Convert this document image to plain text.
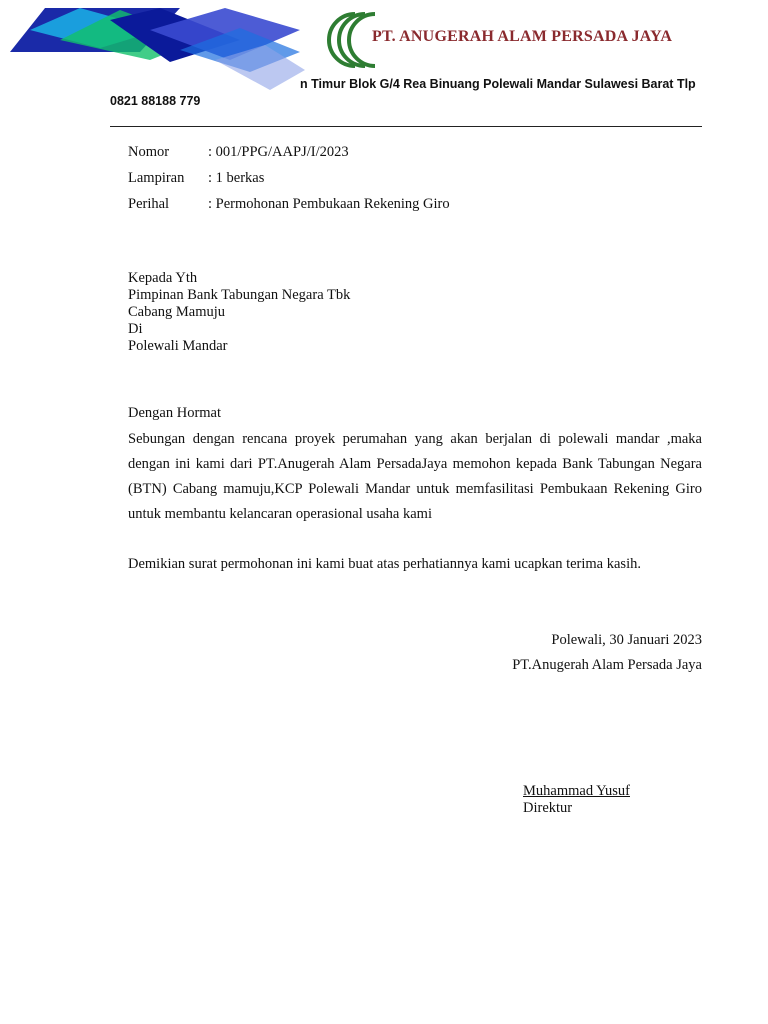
PT. ANUGERAH ALAM PERSADA JAYA
n Timur Blok G/4 Rea Binuang Polewali Mandar Sulawesi Barat Tlp
0821 88188 779
Nomor	: 001/PPG/AAPJ/I/2023
Lampiran : 1 berkas
Perihal	: Permohonan Pembukaan Rekening Giro
Kepada Yth
Pimpinan Bank Tabungan Negara Tbk
Cabang Mamuju
Di
Polewali Mandar
Dengan Hormat
Sebungan dengan rencana proyek perumahan yang akan berjalan di polewali mandar ,maka dengan ini kami dari PT.Anugerah Alam PersadaJaya memohon kepada Bank Tabungan Negara (BTN) Cabang mamuju,KCP Polewali Mandar untuk memfasilitasi Pembukaan Rekening Giro untuk membantu kelancaran operasional usaha kami
Demikian surat permohonan ini kami buat atas perhatiannya kami ucapkan terima kasih.
Polewali, 30 Januari 2023
PT.Anugerah Alam Persada Jaya
Muhammad Yusuf
Direktur
